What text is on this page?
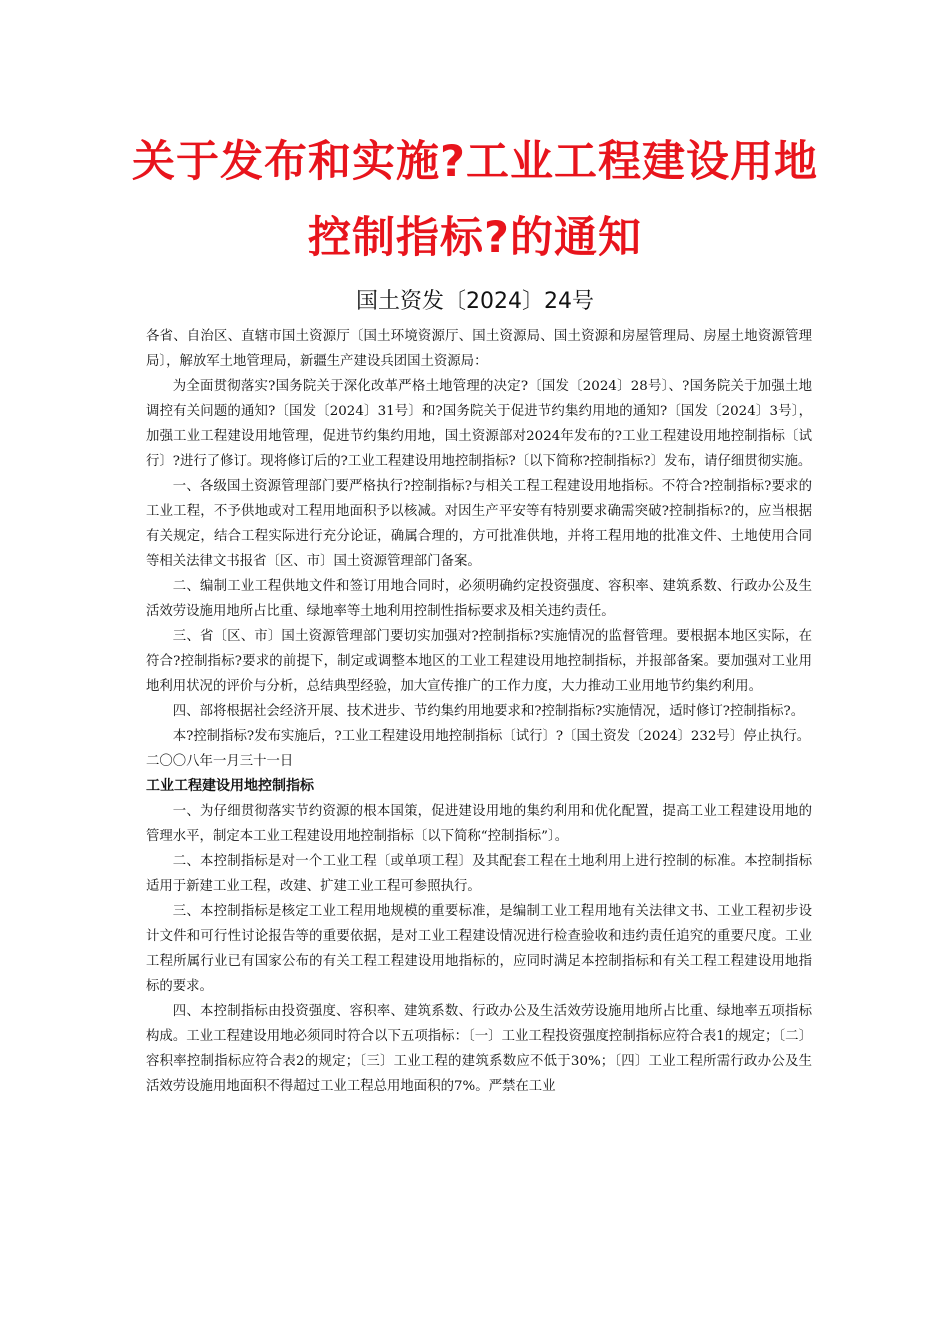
关于发布和实施?工业工程建设用地
控制指标?的通知
国土资发〔2024〕24号

各省、自治区、直辖市国土资源厅〔国土环境资源厅、国土资源局、国土资源和房屋管理局、房屋土地资源管理局〕，解放军土地管理局，新疆生产建设兵团国土资源局：

为全面贯彻落实?国务院关于深化改革严格土地管理的决定?〔国发〔2024〕28号〕、?国务院关于加强土地调控有关问题的通知?〔国发〔2024〕31号〕和?国务院关于促进节约集约用地的通知?〔国发〔2024〕3号〕，加强工业工程建设用地管理，促进节约集约用地，国土资源部对2024年发布的?工业工程建设用地控制指标〔试行〕?进行了修订。现将修订后的?工业工程建设用地控制指标?〔以下简称?控制指标?〕发布，请仔细贯彻实施。

一、各级国土资源管理部门要严格执行?控制指标?与相关工程工程建设用地指标。不符合?控制指标?要求的工业工程，不予供地或对工程用地面积予以核减。对因生产平安等有特别要求确需突破?控制指标?的，应当根据有关规定，结合工程实际进行充分论证，确属合理的，方可批准供地，并将工程用地的批准文件、土地使用合同等相关法律文书报省〔区、市〕国土资源管理部门备案。

二、编制工业工程供地文件和签订用地合同时，必须明确约定投资强度、容积率、建筑系数、行政办公及生活效劳设施用地所占比重、绿地率等土地利用控制性指标要求及相关违约责任。

三、省〔区、市〕国土资源管理部门要切实加强对?控制指标?实施情况的监督管理。要根据本地区实际，在符合?控制指标?要求的前提下，制定或调整本地区的工业工程建设用地控制指标，并报部备案。要加强对工业用地利用状况的评价与分析，总结典型经验，加大宣传推广的工作力度，大力推动工业用地节约集约利用。

四、部将根据社会经济开展、技术进步、节约集约用地要求和?控制指标?实施情况，适时修订?控制指标?。

本?控制指标?发布实施后，?工业工程建设用地控制指标〔试行〕?〔国土资发〔2024〕232号〕停止执行。

二〇〇八年一月三十一日

工业工程建设用地控制指标

一、为仔细贯彻落实节约资源的根本国策，促进建设用地的集约利用和优化配置，提高工业工程建设用地的管理水平，制定本工业工程建设用地控制指标〔以下简称“控制指标”〕。

二、本控制指标是对一个工业工程〔或单项工程〕及其配套工程在土地利用上进行控制的标准。本控制指标适用于新建工业工程，改建、扩建工业工程可参照执行。

三、本控制指标是核定工业工程用地规模的重要标准，是编制工业工程用地有关法律文书、工业工程初步设计文件和可行性讨论报告等的重要依据，是对工业工程建设情况进行检查验收和违约责任追究的重要尺度。工业工程所属行业已有国家公布的有关工程工程建设用地指标的，应同时满足本控制指标和有关工程工程建设用地指标的要求。

四、本控制指标由投资强度、容积率、建筑系数、行政办公及生活效劳设施用地所占比重、绿地率五项指标构成。工业工程建设用地必须同时符合以下五项指标：〔一〕工业工程投资强度控制指标应符合表1的规定；〔二〕容积率控制指标应符合表2的规定；〔三〕工业工程的建筑系数应不低于30%；〔四〕工业工程所需行政办公及生活效劳设施用地面积不得超过工业工程总用地面积的7%。严禁在工业
